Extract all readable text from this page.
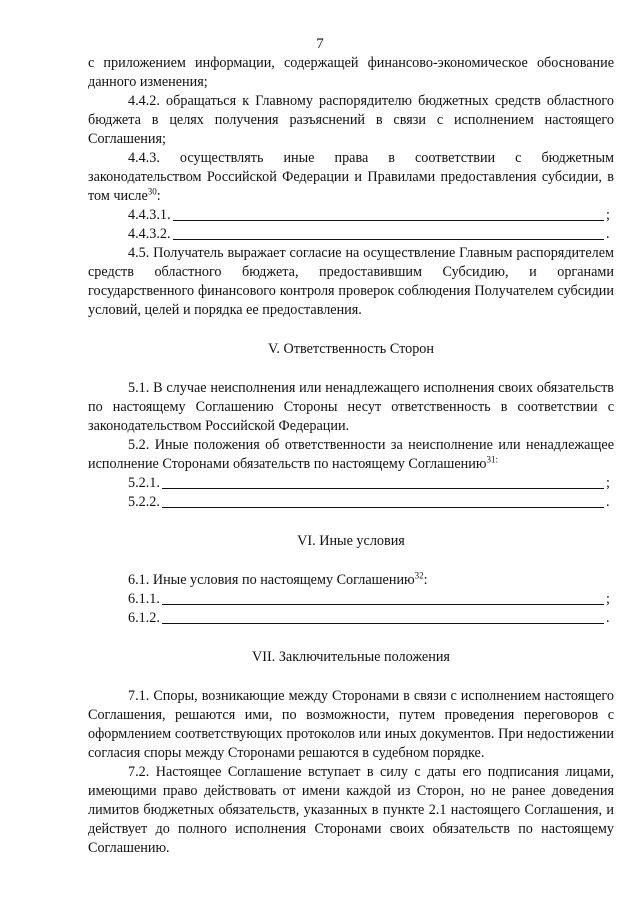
7

с приложением информации, содержащей финансово-экономическое обоснование данного изменения;

4.4.2. обращаться к Главному распорядителю бюджетных средств областного бюджета в целях получения разъяснений в связи с исполнением настоящего Соглашения;

4.4.3. осуществлять иные права в соответствии с бюджетным законодательством Российской Федерации и Правилами предоставления субсидии, в том числе$^{30}$:

4.4.3.1.	;
4.4.3.2.	.

4.5. Получатель выражает согласие на осуществление Главным распорядителем средств областного бюджета, предоставившим Субсидию, и органами государственного финансового контроля проверок соблюдения Получателем субсидии условий, целей и порядка ее предоставления.

V. Ответственность Сторон

5.1. В случае неисполнения или ненадлежащего исполнения своих обязательств по настоящему Соглашению Стороны несут ответственность в соответствии с законодательством Российской Федерации.

5.2. Иные положения об ответственности за неисполнение или ненадлежащее исполнение Сторонами обязательств по настоящему Соглашению$^{31:}$

5.2.1.	;
5.2.2.	.
VI. Иные условия

6.1. Иные условия по настоящему Соглашению$^{32}$:

6.1.1.	;
6.1.2.	.
VII. Заключительные положения

7.1. Споры, возникающие между Сторонами в связи с исполнением настоящего Соглашения, решаются ими, по возможности, путем проведения переговоров с оформлением соответствующих протоколов или иных документов. При недостижении согласия споры между Сторонами решаются в судебном порядке.

7.2. Настоящее Соглашение вступает в силу с даты его подписания лицами, имеющими право действовать от имени каждой из Сторон, но не ранее доведения лимитов бюджетных обязательств, указанных в пункте 2.1 настоящего Соглашения, и действует до полного исполнения Сторонами своих обязательств по настоящему Соглашению.
